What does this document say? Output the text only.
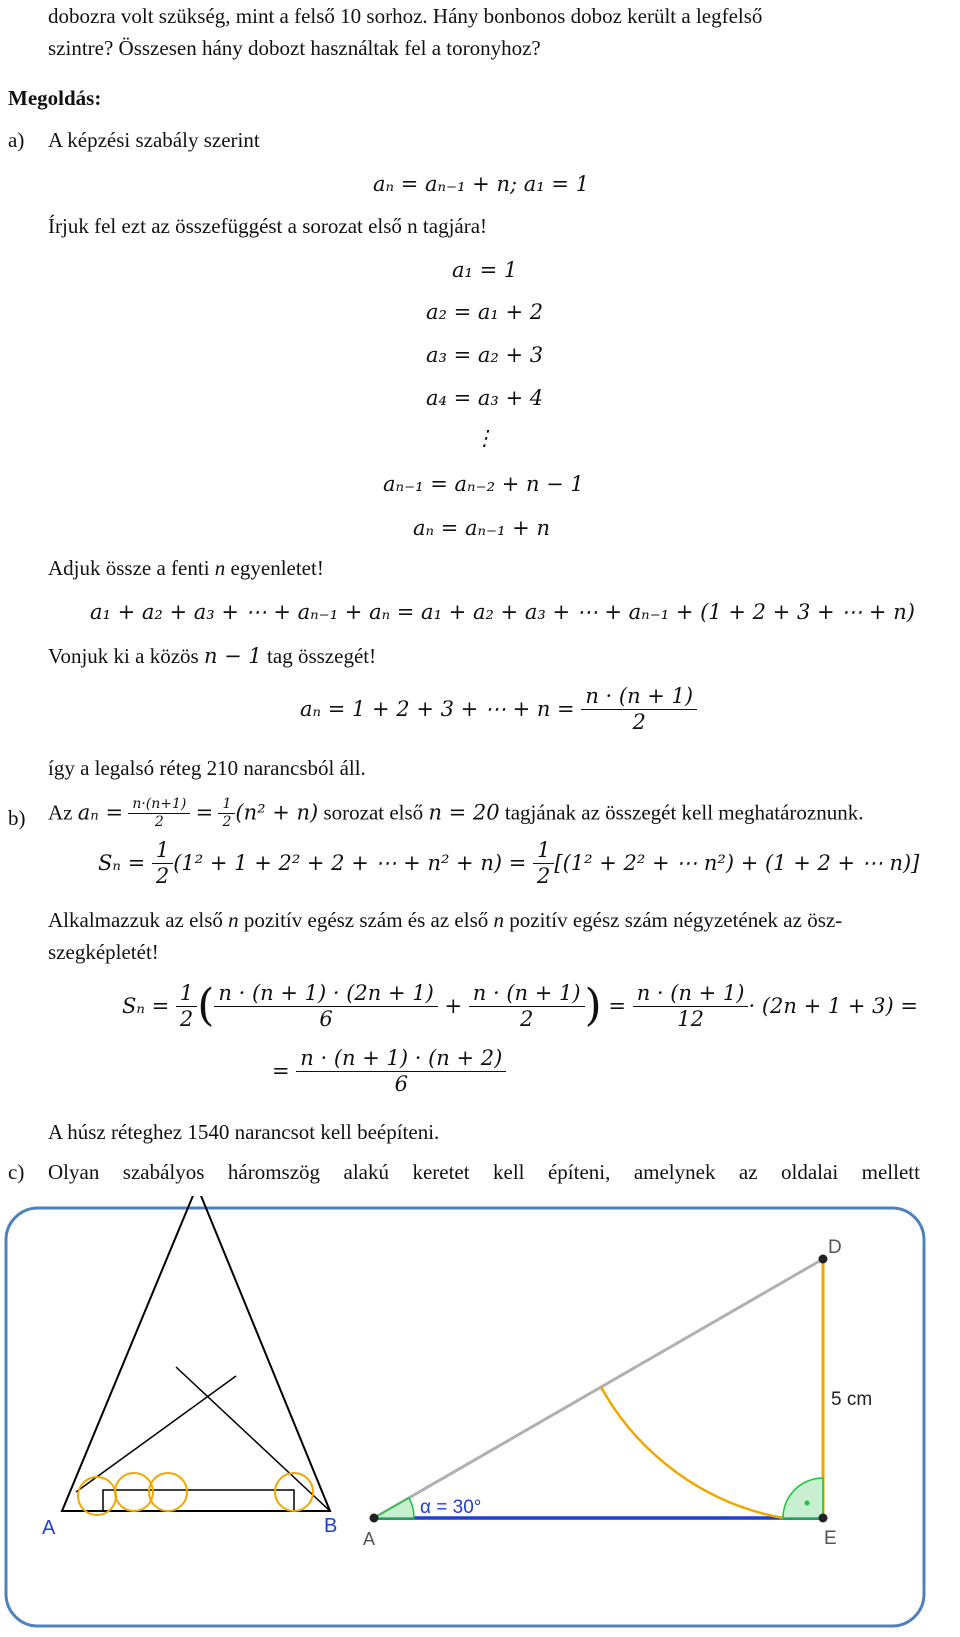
dobozra volt szükség, mint a felső 10 sorhoz. Hány bonbonos doboz került a legfelső
szintre? Összesen hány dobozt használtak fel a toronyhoz?
Megoldás:
a) A képzési szabály szerint
aₙ = aₙ₋₁ + n; a₁ = 1
Írjuk fel ezt az összefüggést a sorozat első n tagjára!
a₁ = 1
a₂ = a₁ + 2
a₃ = a₂ + 3
a₄ = a₃ + 4
⋮
aₙ₋₁ = aₙ₋₂ + n − 1
aₙ = aₙ₋₁ + n
Adjuk össze a fenti n egyenletet!
a₁ + a₂ + a₃ + ⋯ + aₙ₋₁ + aₙ = a₁ + a₂ + a₃ + ⋯ + aₙ₋₁ + (1 + 2 + 3 + ⋯ + n)
Vonjuk ki a közös n − 1 tag összegét!
aₙ = 1 + 2 + 3 + ⋯ + $n = \frac{n \cdot (n + 1)}{2}$
így a legalsó réteg 210 narancsból áll.
b) Az $a_n = \frac{n\cdot(n+1)}{2} = \frac{1}{2} (n^2 + n)$ sorozat első n = 20 tagjának az összegét kell meghatároznunk.
$S_n = \frac{1}{2} (1^2 + 1 + 2^2 + 2$ + ⋯ + $n^2 + n) = \frac{1}{2} [(1^2 + 2^2$ + ⋯ n²) + (1 + 2 + ⋯ n)]
Alkalmazzuk az első n pozitív egész szám és az első n pozitív egész szám négyzetének az ösz-
szegképletét!
$S_n = \frac{1}{2}$ ( $\frac{n \cdot (n + 1) \cdot (2n + 1)}{6} + \frac{n \cdot (n + 1)}{2}$ ) = $\frac{n \cdot (n + 1)}{12} \cdot (2n + 1 + 3)$ =
= $\frac{n \cdot (n + 1) \cdot (n + 2)}{6}$
A húsz réteghez 1540 narancsot kell beépíteni.
c) Olyan szabályos háromszög alakú keretet kell építeni, amelynek az oldalai mellett
A	B
α = 30°
5 cm
A
D
E
